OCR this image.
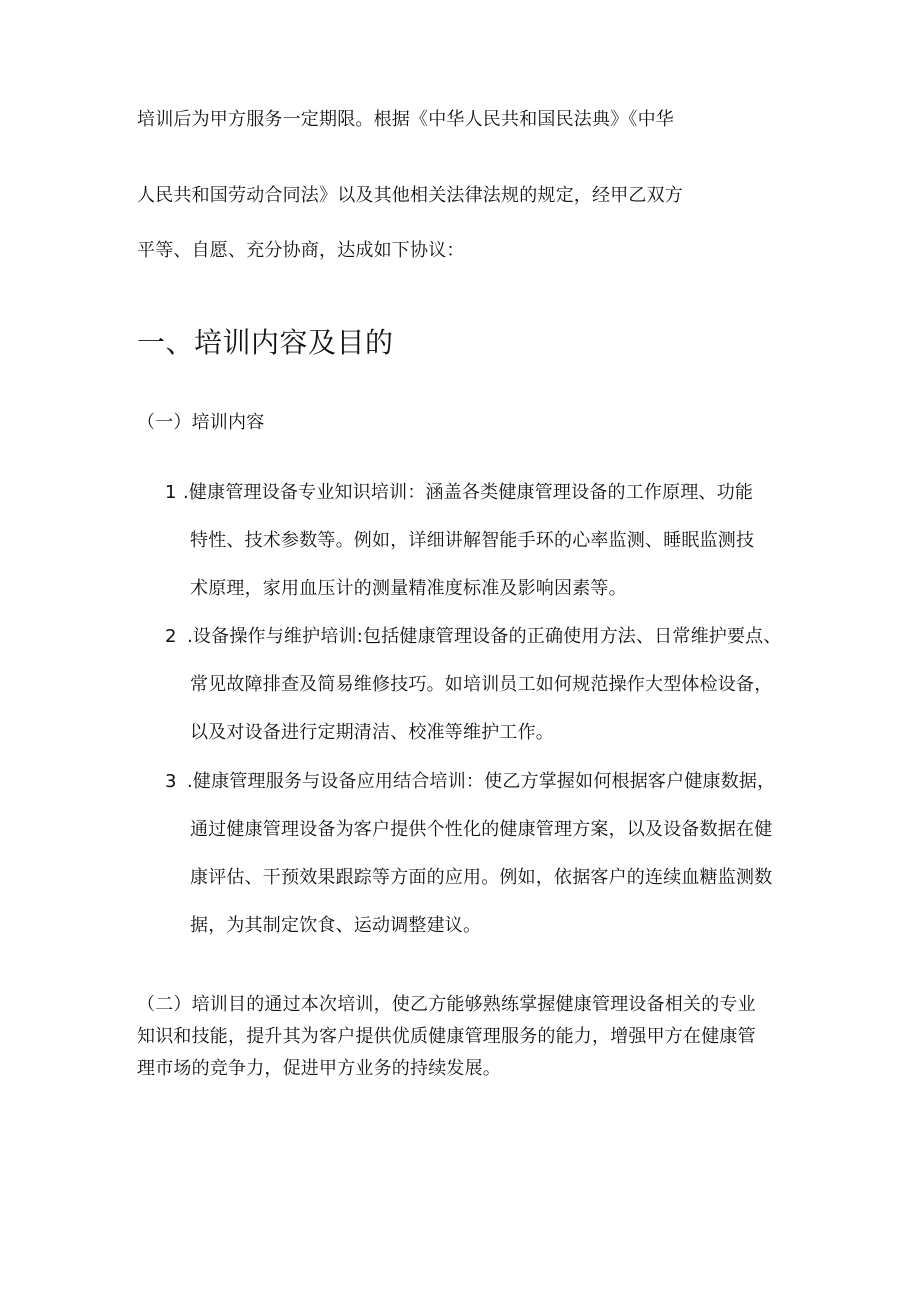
培训后为甲方服务一定期限。根据《中华人民共和国民法典》《中华
人民共和国劳动合同法》以及其他相关法律法规的规定，经甲乙双方
平等、自愿、充分协商，达成如下协议：
一、培训内容及目的
（一）培训内容
1 .健康管理设备专业知识培训：涵盖各类健康管理设备的工作原理、功能
特性、技术参数等。例如，详细讲解智能手环的心率监测、睡眠监测技
术原理，家用血压计的测量精准度标准及影响因素等。
2 .设备操作与维护培训:包括健康管理设备的正确使用方法、日常维护要点、
常见故障排查及简易维修技巧。如培训员工如何规范操作大型体检设备，
以及对设备进行定期清洁、校准等维护工作。
3 .健康管理服务与设备应用结合培训：使乙方掌握如何根据客户健康数据，
通过健康管理设备为客户提供个性化的健康管理方案，以及设备数据在健
康评估、干预效果跟踪等方面的应用。例如，依据客户的连续血糖监测数
据，为其制定饮食、运动调整建议。
（二）培训目的通过本次培训，使乙方能够熟练掌握健康管理设备相关的专业
知识和技能，提升其为客户提供优质健康管理服务的能力，增强甲方在健康管
理市场的竞争力，促进甲方业务的持续发展。
